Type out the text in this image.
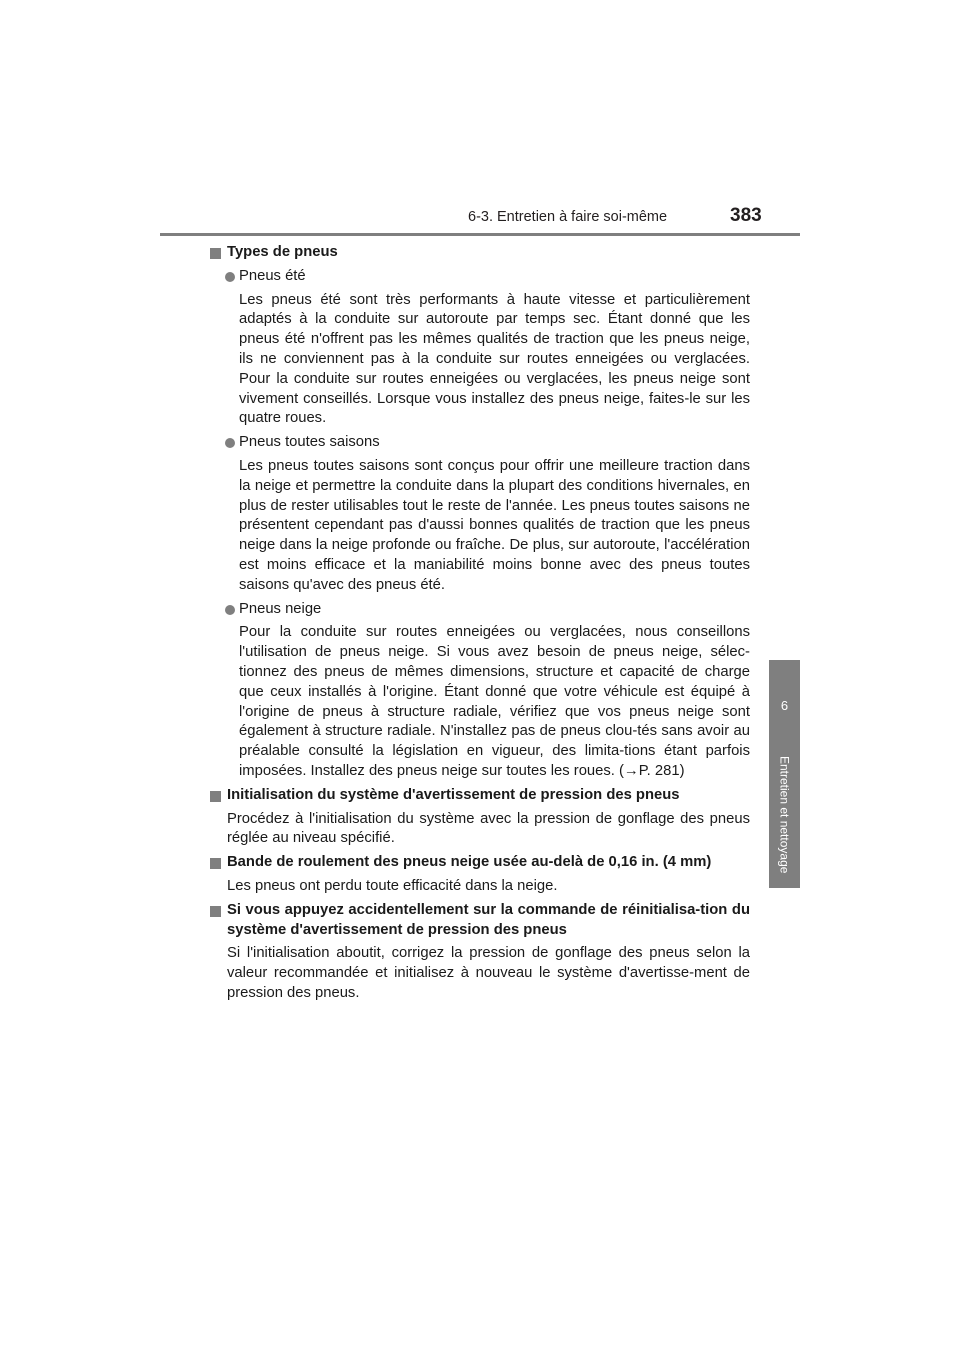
6-3. Entretien à faire soi-même	383
6
Entretien et nettoyage
Types de pneus
Pneus été
Les pneus été sont très performants à haute vitesse et particulièrement adaptés à la conduite sur autoroute par temps sec. Étant donné que les pneus été n'offrent pas les mêmes qualités de traction que les pneus neige, ils ne conviennent pas à la conduite sur routes enneigées ou verglacées. Pour la conduite sur routes enneigées ou verglacées, les pneus neige sont vivement conseillés. Lorsque vous installez des pneus neige, faites-le sur les quatre roues.
Pneus toutes saisons
Les pneus toutes saisons sont conçus pour offrir une meilleure traction dans la neige et permettre la conduite dans la plupart des conditions hivernales, en plus de rester utilisables tout le reste de l'année. Les pneus toutes saisons ne présentent cependant pas d'aussi bonnes qualités de traction que les pneus neige dans la neige profonde ou fraîche. De plus, sur autoroute, l'accélération est moins efficace et la maniabilité moins bonne avec des pneus toutes saisons qu'avec des pneus été.
Pneus neige
Pour la conduite sur routes enneigées ou verglacées, nous conseillons l'utilisation de pneus neige. Si vous avez besoin de pneus neige, sélec-tionnez des pneus de mêmes dimensions, structure et capacité de charge que ceux installés à l'origine. Étant donné que votre véhicule est équipé à l'origine de pneus à structure radiale, vérifiez que vos pneus neige sont également à structure radiale. N'installez pas de pneus clou-tés sans avoir au préalable consulté la législation en vigueur, des limita-tions étant parfois imposées. Installez des pneus neige sur toutes les roues. (→P. 281)
Initialisation du système d'avertissement de pression des pneus
Procédez à l'initialisation du système avec la pression de gonflage des pneus réglée au niveau spécifié.
Bande de roulement des pneus neige usée au-delà de 0,16 in. (4 mm)
Les pneus ont perdu toute efficacité dans la neige.
Si vous appuyez accidentellement sur la commande de réinitialisa-tion du système d'avertissement de pression des pneus
Si l'initialisation aboutit, corrigez la pression de gonflage des pneus selon la valeur recommandée et initialisez à nouveau le système d'avertisse-ment de pression des pneus.
